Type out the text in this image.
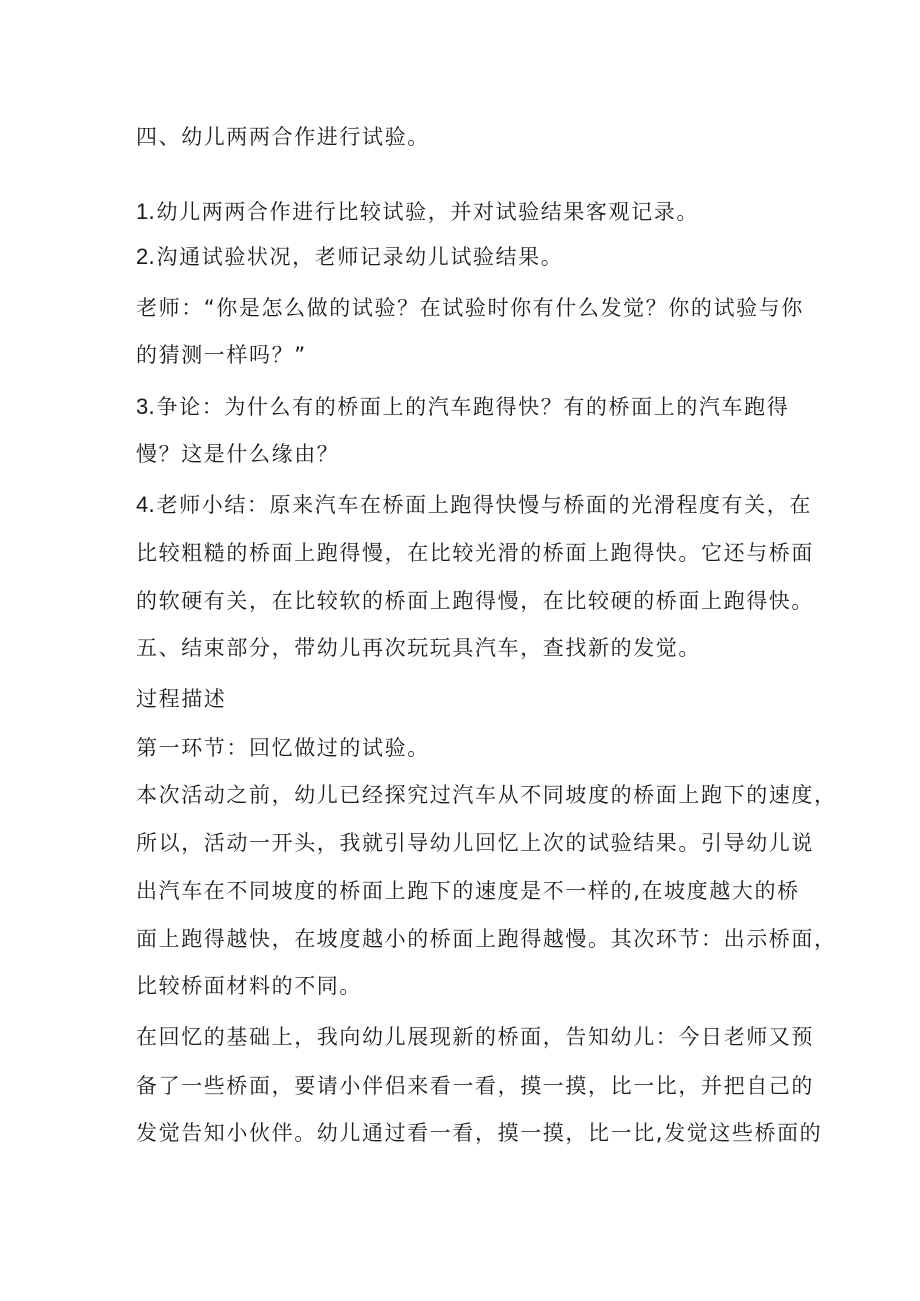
四、幼儿两两合作进行试验。
1.幼儿两两合作进行比较试验，并对试验结果客观记录。
2.沟通试验状况，老师记录幼儿试验结果。
老师：“你是怎么做的试验？在试验时你有什么发觉？你的试验与你
的猜测一样吗？”
3.争论：为什么有的桥面上的汽车跑得快？有的桥面上的汽车跑得
慢？这是什么缘由？
4.老师小结：原来汽车在桥面上跑得快慢与桥面的光滑程度有关，在
比较粗糙的桥面上跑得慢，在比较光滑的桥面上跑得快。它还与桥面
的软硬有关，在比较软的桥面上跑得慢，在比较硬的桥面上跑得快。
五、结束部分，带幼儿再次玩玩具汽车，查找新的发觉。
过程描述
第一环节：回忆做过的试验。
本次活动之前，幼儿已经探究过汽车从不同坡度的桥面上跑下的速度，
所以，活动一开头，我就引导幼儿回忆上次的试验结果。引导幼儿说
出汽车在不同坡度的桥面上跑下的速度是不一样的,在坡度越大的桥
面上跑得越快，在坡度越小的桥面上跑得越慢。其次环节：出示桥面，
比较桥面材料的不同。
在回忆的基础上，我向幼儿展现新的桥面，告知幼儿：今日老师又预
备了一些桥面，要请小伴侣来看一看，摸一摸，比一比，并把自己的
发觉告知小伙伴。幼儿通过看一看，摸一摸，比一比,发觉这些桥面的
